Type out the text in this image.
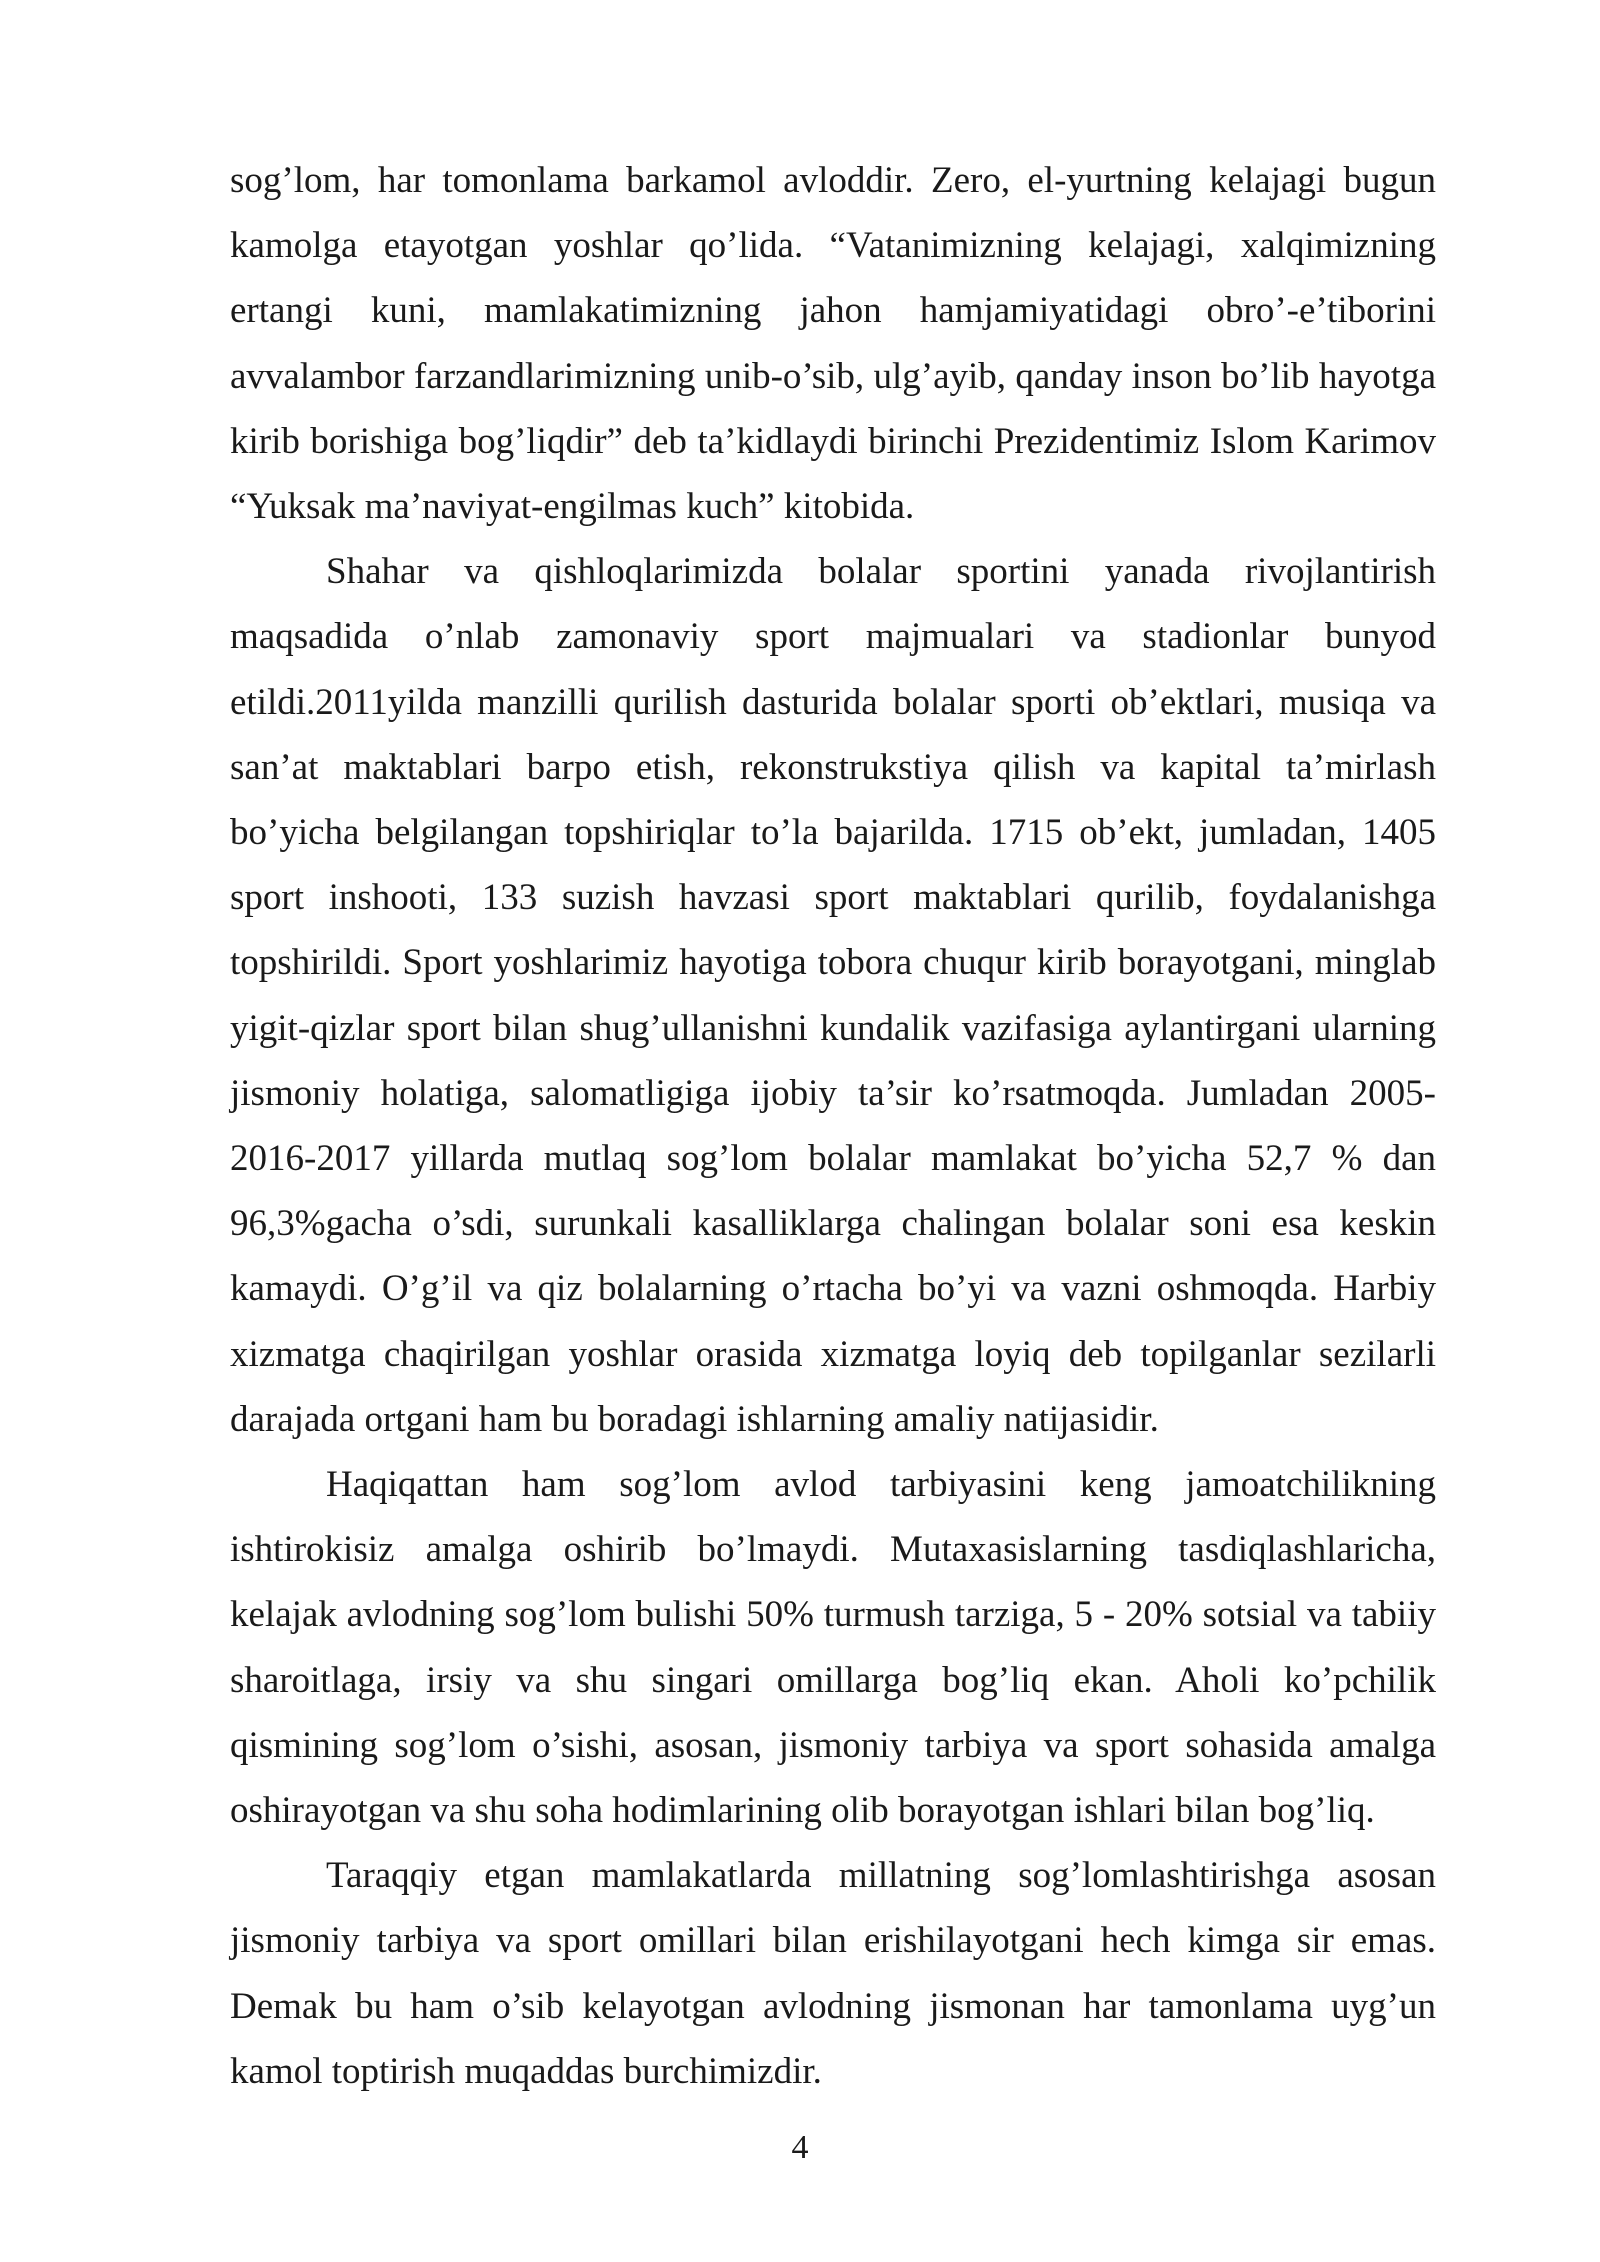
sog’lom, har tomonlama barkamol avloddir. Zero, el-yurtning kelajagi bugun kamolga etayotgan yoshlar qo’lida. “Vatanimizning kelajagi, xalqimizning ertangi kuni, mamlakatimizning jahon hamjamiyatidagi obro’-e’tiborini avvalambor farzandlarimizning unib-o’sib, ulg’ayib, qanday inson bo’lib hayotga kirib borishiga bog’liqdir” deb ta’kidlaydi birinchi Prezidentimiz Islom Karimov “Yuksak ma’naviyat-engilmas kuch” kitobida.

Shahar va qishloqlarimizda bolalar sportini yanada rivojlantirish maqsadida o’nlab zamonaviy sport majmualari va stadionlar bunyod etildi.2011yilda manzilli qurilish dasturida bolalar sporti ob’ektlari, musiqa va san’at maktablari barpo etish, rekonstrukstiya qilish va kapital ta’mirlash bo’yicha belgilangan topshiriqlar to’la bajarilda. 1715 ob’ekt, jumladan, 1405 sport inshooti, 133 suzish havzasi sport maktablari qurilib, foydalanishga topshirildi. Sport yoshlarimiz hayotiga tobora chuqur kirib borayotgani, minglab yigit-qizlar sport bilan shug’ullanishni kundalik vazifasiga aylantirgani ularning jismoniy holatiga, salomatligiga ijobiy ta’sir ko’rsatmoqda. Jumladan 2005-2016-2017 yillarda mutlaq sog’lom bolalar mamlakat bo’yicha 52,7 % dan 96,3%gacha o’sdi, surunkali kasalliklarga chalingan bolalar soni esa keskin kamaydi. O’g’il va qiz bolalarning o’rtacha bo’yi va vazni oshmoqda. Harbiy xizmatga chaqirilgan yoshlar orasida xizmatga loyiq deb topilganlar sezilarli darajada ortgani ham bu boradagi ishlarning amaliy natijasidir.

Haqiqattan ham sog’lom avlod tarbiyasini keng jamoatchilikning ishtirokisiz amalga oshirib bo’lmaydi. Mutaxasislarning tasdiqlashlaricha, kelajak avlodning sog’lom bulishi 50% turmush tarziga, 5 - 20% sotsial va tabiiy sharoitlaga, irsiy va shu singari omillarga bog’liq ekan. Aholi ko’pchilik qismining sog’lom o’sishi, asosan, jismoniy tarbiya va sport sohasida amalga oshirayotgan va shu soha hodimlarining olib borayotgan ishlari bilan bog’liq.

Taraqqiy etgan mamlakatlarda millatning sog’lomlashtirishga asosan jismoniy tarbiya va sport omillari bilan erishilayotgani hech kimga sir emas. Demak bu ham o’sib kelayotgan avlodning jismonan har tamonlama uyg’un kamol toptirish muqaddas burchimizdir.

4
